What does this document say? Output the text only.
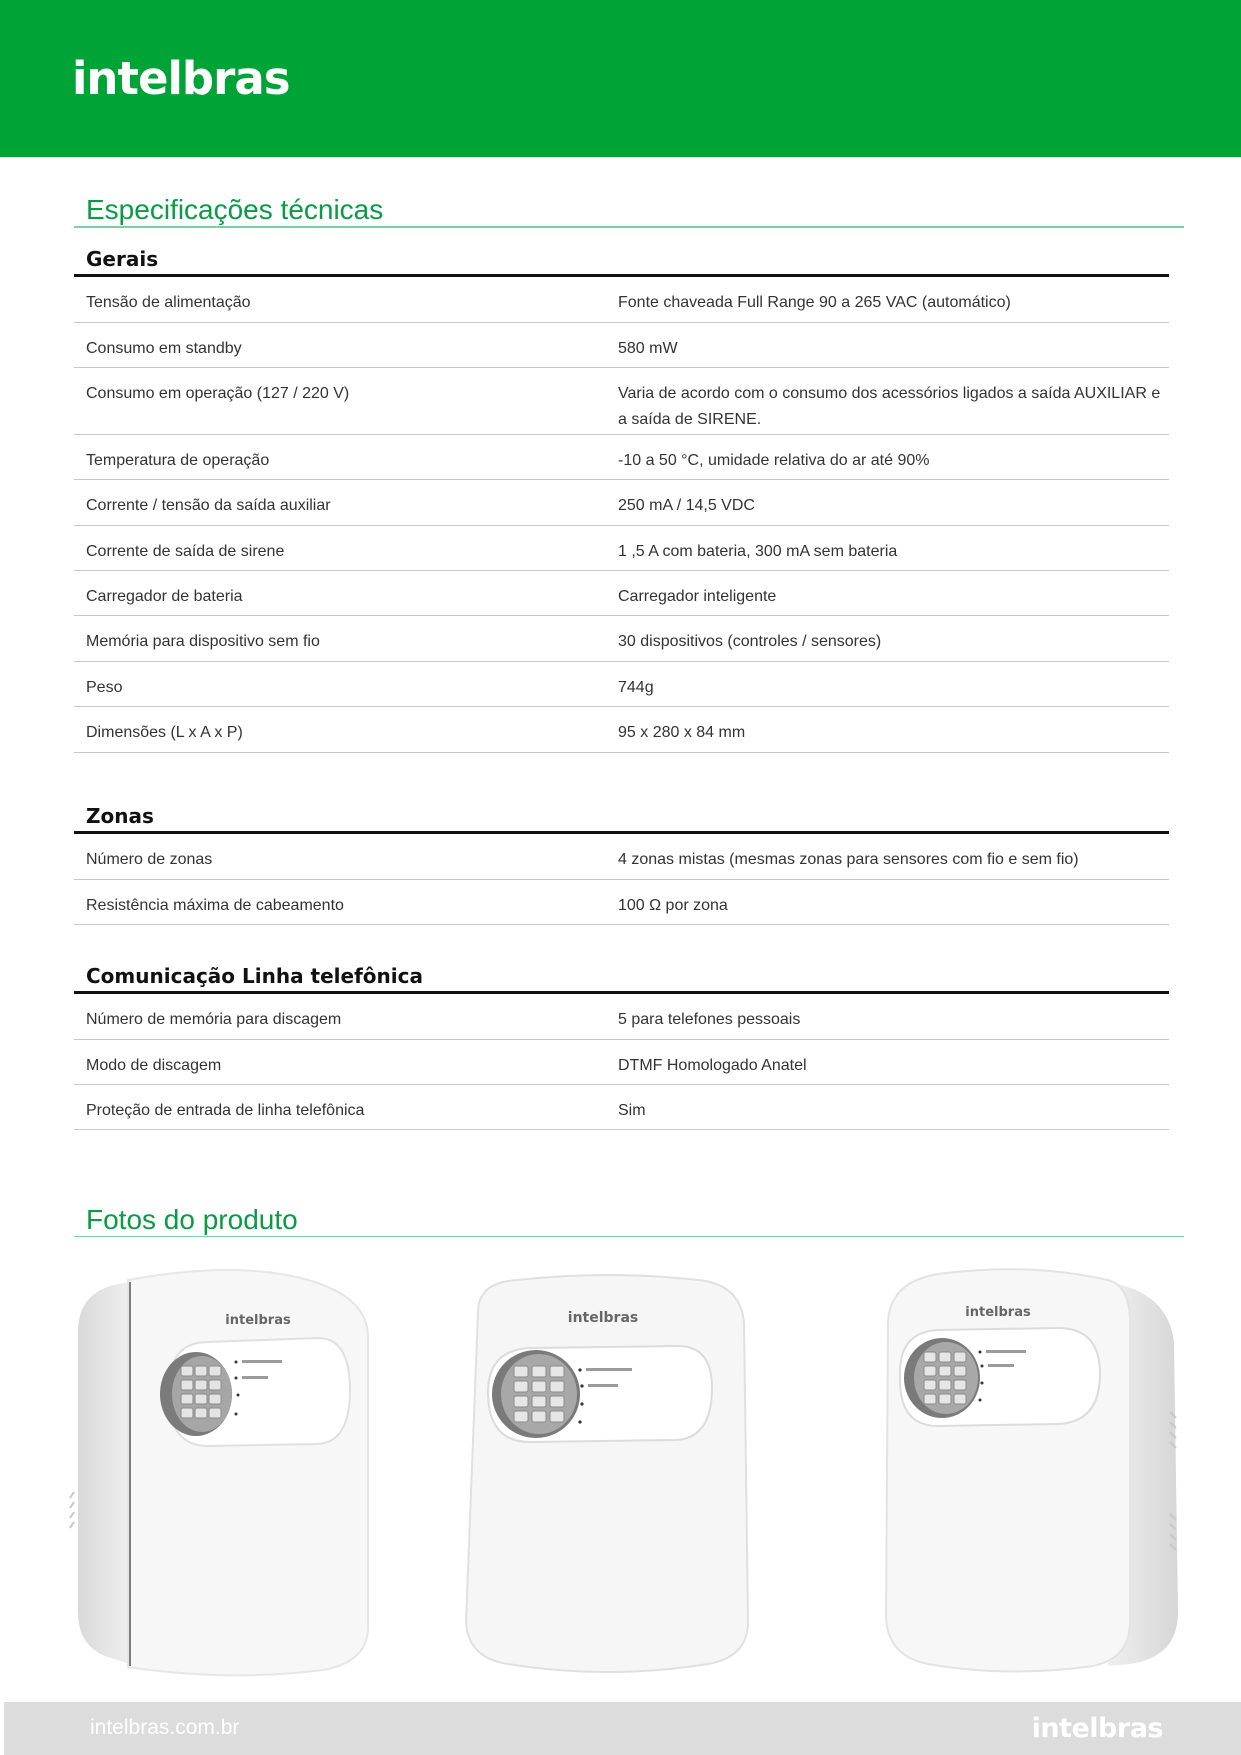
intelbras
Especificações técnicas
Gerais
Tensão de alimentação	Fonte chaveada Full Range 90 a 265 VAC (automático)
Consumo em standby	580 mW
Consumo em operação (127 / 220 V)	Varia de acordo com o consumo dos acessórios ligados a saída AUXILIAR e a saída de SIRENE.
Temperatura de operação	-10 a 50 °C, umidade relativa do ar até 90%
Corrente / tensão da saída auxiliar	250 mA / 14,5 VDC
Corrente de saída de sirene	1 ,5 A com bateria, 300 mA sem bateria
Carregador de bateria	Carregador inteligente
Memória para dispositivo sem fio	30 dispositivos (controles / sensores)
Peso	744g
Dimensões (L x A x P)	95 x 280 x 84 mm
Zonas
Número de zonas	4 zonas mistas (mesmas zonas para sensores com fio e sem fio)
Resistência máxima de cabeamento	100 Ω por zona
Comunicação Linha telefônica
Número de memória para discagem	5 para telefones pessoais
Modo de discagem	DTMF Homologado Anatel
Proteção de entrada de linha telefônica	Sim
Fotos do produto
intelbras	intelbras	intelbras
intelbras.com.br	intelbras
